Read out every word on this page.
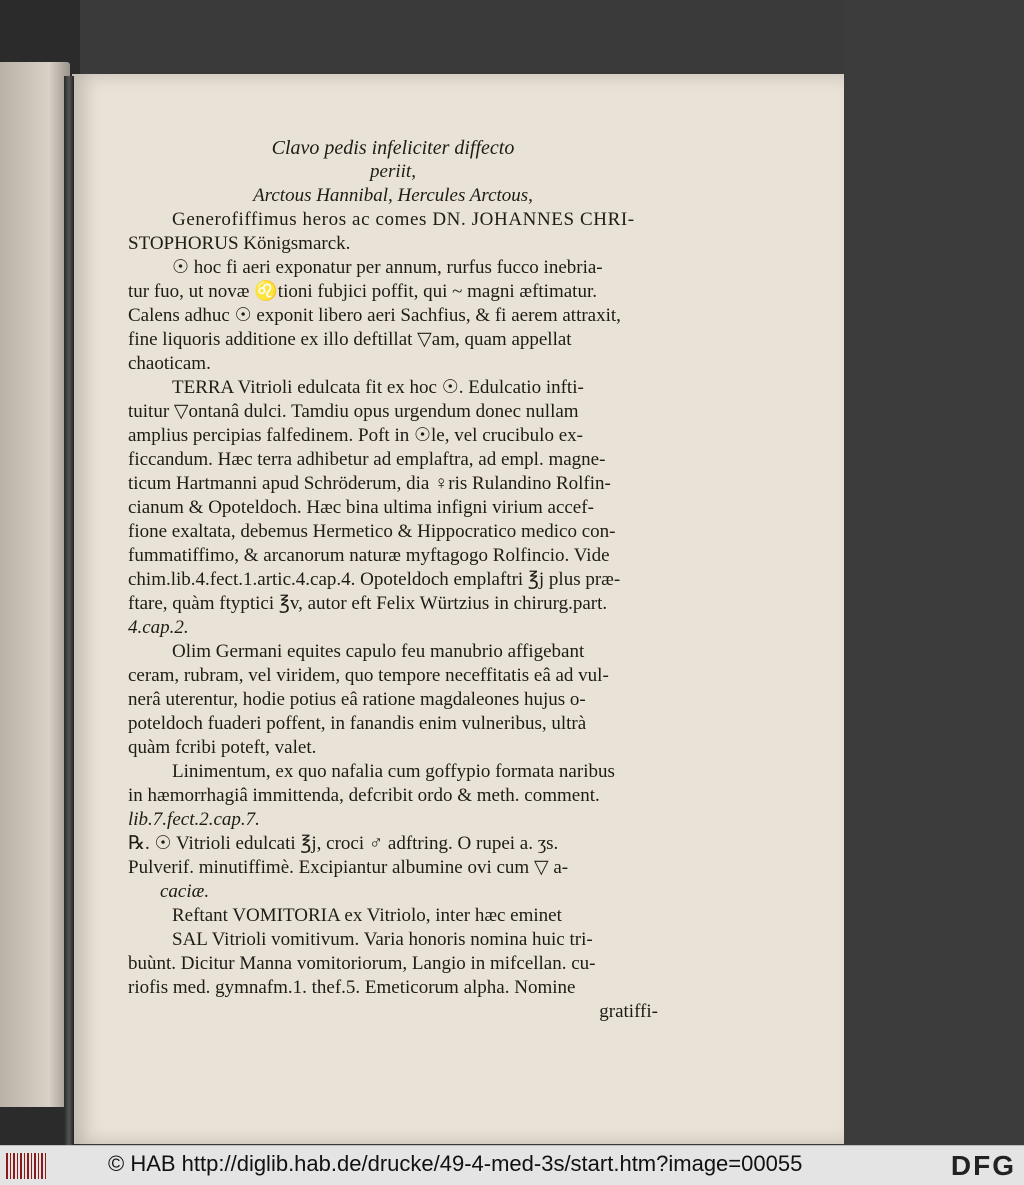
Clavo pedis infeliciter diffecto
periit,
Arctous Hannibal, Hercules Arctous,
Generofiffimus heros ac comes DN. JOHANNES CHRI-
STOPHORUS Königsmarck.
☉ hoc fi aeri exponatur per annum, rurfus fucco inebria-
tur fuo, ut novæ ♌tioni fubjici poffit, qui ~ magni æftimatur.
Calens adhuc ☉ exponit libero aeri Sachfius, & fi aerem attraxit,
fine liquoris additione ex illo deftillat ▽am, quam appellat
chaoticam.
TERRA Vitrioli edulcata fit ex hoc ☉. Edulcatio infti-
tuitur ▽ontanâ dulci. Tamdiu opus urgendum donec nullam
amplius percipias falfedinem. Poft in ☉le, vel crucibulo ex-
ficcandum. Hæc terra adhibetur ad emplaftra, ad empl. magne-
ticum Hartmanni apud Schröderum, dia ♀ris Rulandino Rolfin-
cianum & Opoteldoch. Hæc bina ultima infigni virium accef-
fione exaltata, debemus Hermetico & Hippocratico medico con-
fummatiffimo, & arcanorum naturæ myftagogo Rolfincio. Vide
chim.lib.4.fect.1.artic.4.cap.4. Opoteldoch emplaftri ℥j plus præ-
ftare, quàm ftyptici ℥v, autor eft Felix Würtzius in chirurg.part.
4.cap.2.
Olim Germani equites capulo feu manubrio affigebant
ceram, rubram, vel viridem, quo tempore neceffitatis eâ ad vul-
nerâ uterentur, hodie potius eâ ratione magdaleones hujus o-
poteldoch fuaderi poffent, in fanandis enim vulneribus, ultrà
quàm fcribi poteft, valet.
Linimentum, ex quo nafalia cum goffypio formata naribus
in hæmorrhagiâ immittenda, defcribit ordo & meth. comment.
lib.7.fect.2.cap.7.
℞. ☉ Vitrioli edulcati ℥j, croci ♂ adftring. O rupei a. ʒs.
Pulverif. minutiffimè. Excipiantur albumine ovi cum ▽ a-
caciæ.
Reftant VOMITORIA ex Vitriolo, inter hæc eminet
SAL Vitrioli vomitivum. Varia honoris nomina huic tri-
buùnt. Dicitur Manna vomitoriorum, Langio in mifcellan. cu-
riofis med. gymnafm.1. thef.5. Emeticorum alpha. Nomine
gratiffi-
© HAB http://diglib.hab.de/drucke/49-4-med-3s/start.htm?image=00055	DFG
